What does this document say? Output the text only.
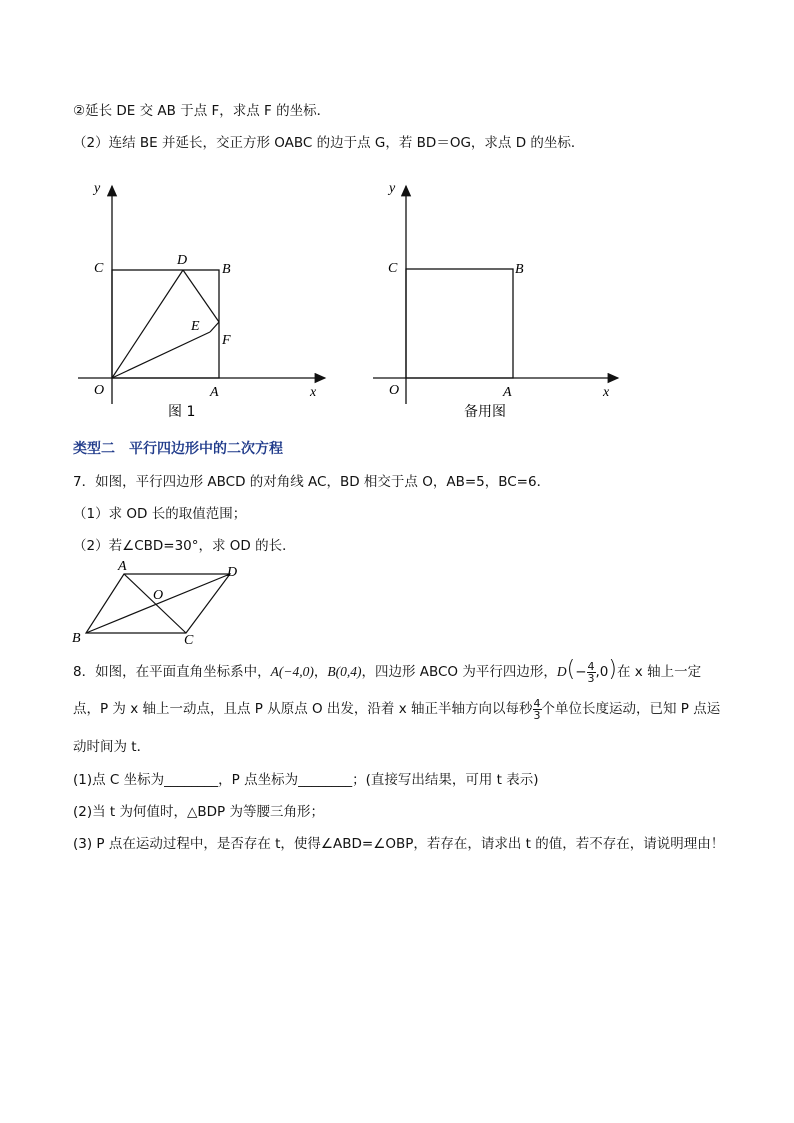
②延长 DE 交 AB 于点 F，求点 F 的坐标．
（2）连结 BE 并延长，交正方形 OABC 的边于点 G，若 BD＝OG，求点 D 的坐标．
y
x
O	A
B
C
D
E
F
图 1
y
x
O	A
B
C
备用图
类型二　平行四边形中的二次方程
7．如图，平行四边形 ABCD 的对角线 AC，BD 相交于点 O，AB=5，BC=6．
（1）求 OD 长的取值范围；
（2）若∠CBD=30°，求 OD 的长．
A	D
O
B	C
8．如图，在平面直角坐标系中，A(−4,0)，B(0,4)，四边形 ABCO 为平行四边形，$D(- \frac{4}{3} ,0)$在 x 轴上一定
点，P 为 x 轴上一动点，且点 P 从原点 O 出发，沿着 x 轴正半轴方向以每秒 $\frac{4}{3}$ 个单位长度运动，已知 P 点运
动时间为 t．
(1)点 C 坐标为________，P 点坐标为________；(直接写出结果，可用 t 表示)
(2)当 t 为何值时，△BDP 为等腰三角形；
(3) P 点在运动过程中，是否存在 t，使得∠ABD=∠OBP，若存在，请求出 t 的值，若不存在，请说明理由！
